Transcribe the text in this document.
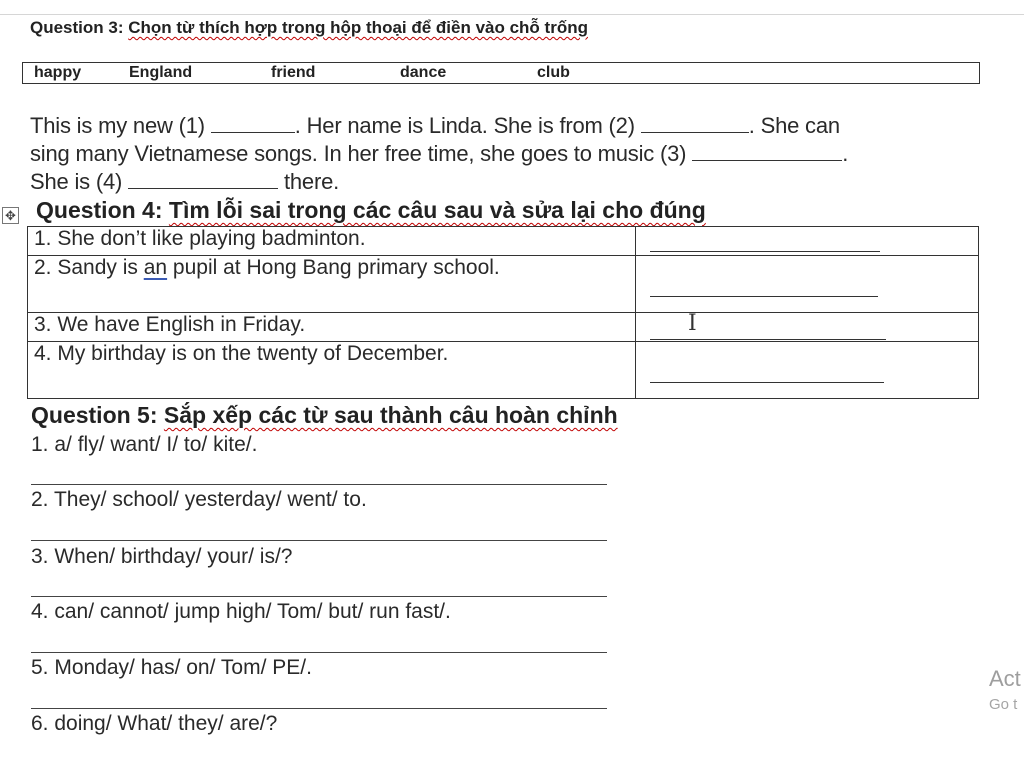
Question 3: Chọn từ thích hợp trong hộp thoại để điền vào chỗ trống
happy	England	friend	dance	club
This is my new (1)	. Her name is Linda. She is from (2)	. She can
sing many Vietnamese songs. In her free time, she goes to music (3)	.
She is (4)	there.
✥ Question 4: Tìm lỗi sai trong các câu sau và sửa lại cho đúng
1. She don’t like playing badminton.	

2. Sandy is an pupil at Hong Bang primary school.	

3. We have English in Friday.	I

4. My birthday is on the twenty of December.	
Question 5: Sắp xếp các từ sau thành câu hoàn chỉnh
1. a/ fly/ want/ I/ to/ kite/.
2. They/ school/ yesterday/ went/ to.
3. When/ birthday/ your/ is/?
4. can/ cannot/ jump high/ Tom/ but/ run fast/.
5. Monday/ has/ on/ Tom/ PE/.
6. doing/ What/ they/ are/?
Act
Go t
